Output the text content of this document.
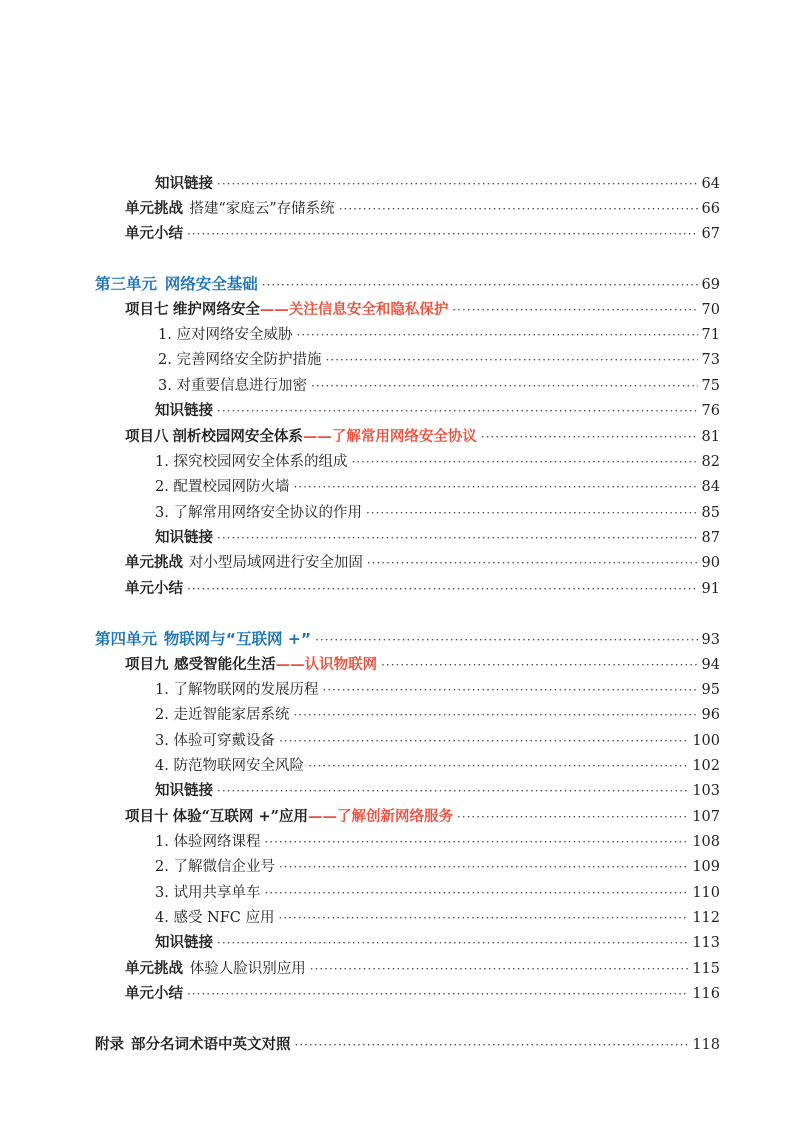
知识链接 ·····	64
单元挑战 搭建“家庭云”存储系统 ·····	66
单元小结 ·····	67
第三单元 网络安全基础 ·····	69
项目七 维护网络安全 ——关注信息安全和隐私保护 ·····	70
1. 应对网络安全威胁 ·····	71
2. 完善网络安全防护措施 ·····	73
3. 对重要信息进行加密 ·····	75
知识链接 ·····	76
项目八 剖析校园网安全体系 ——了解常用网络安全协议 ·····	81
1. 探究校园网安全体系的组成 ·····	82
2. 配置校园网防火墙 ·····	84
3. 了解常用网络安全协议的作用 ·····	85
知识链接 ·····	87
单元挑战 对小型局域网进行安全加固 ·····	90
单元小结 ·····	91
第四单元 物联网与“互联网 +” ·····	93
项目九 感受智能化生活 ——认识物联网 ·····	94
1. 了解物联网的发展历程 ·····	95
2. 走近智能家居系统 ·····	96
3. 体验可穿戴设备 ·····	100
4. 防范物联网安全风险 ·····	102
知识链接 ·····	103
项目十 体验“互联网 +”应用 ——了解创新网络服务 ·····	107
1. 体验网络课程 ·····	108
2. 了解微信企业号 ·····	109
3. 试用共享单车 ·····	110
4. 感受 NFC 应用 ·····	112
知识链接 ·····	113
单元挑战 体验人脸识别应用 ·····	115
单元小结 ·····	116
附录 部分名词术语中英文对照 ·····	118
